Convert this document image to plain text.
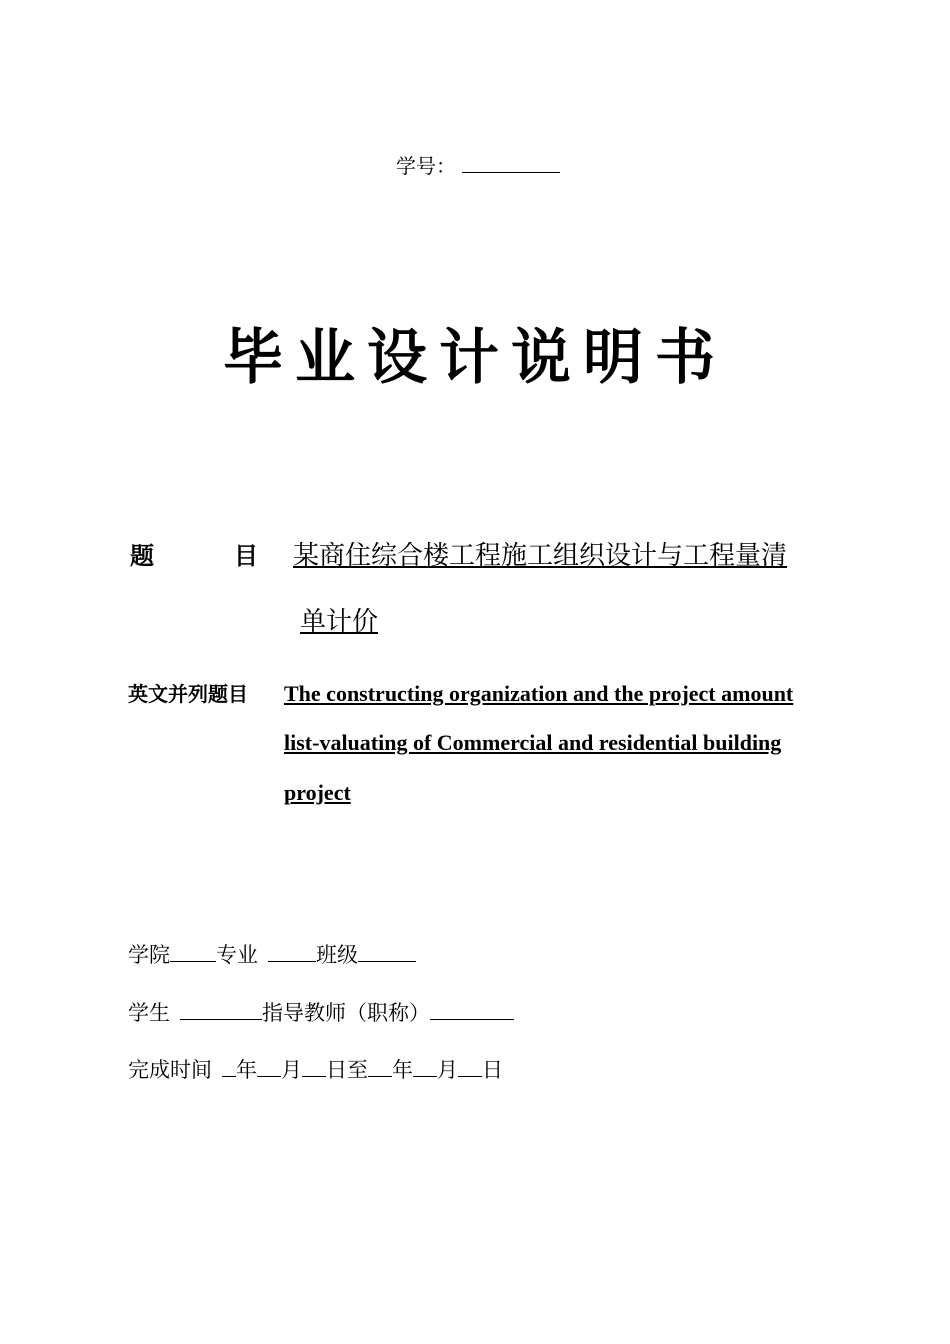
学号：
毕业设计说明书
题	目 某商住综合楼工程施工组织设计与工程量清
单计价
英文并列题目 The constructing organization and the project amount
list-valuating of Commercial and residential building
project
学院 专业	班级
学生	指导教师（职称）
完成时间 年 月 日至 年 月 日
